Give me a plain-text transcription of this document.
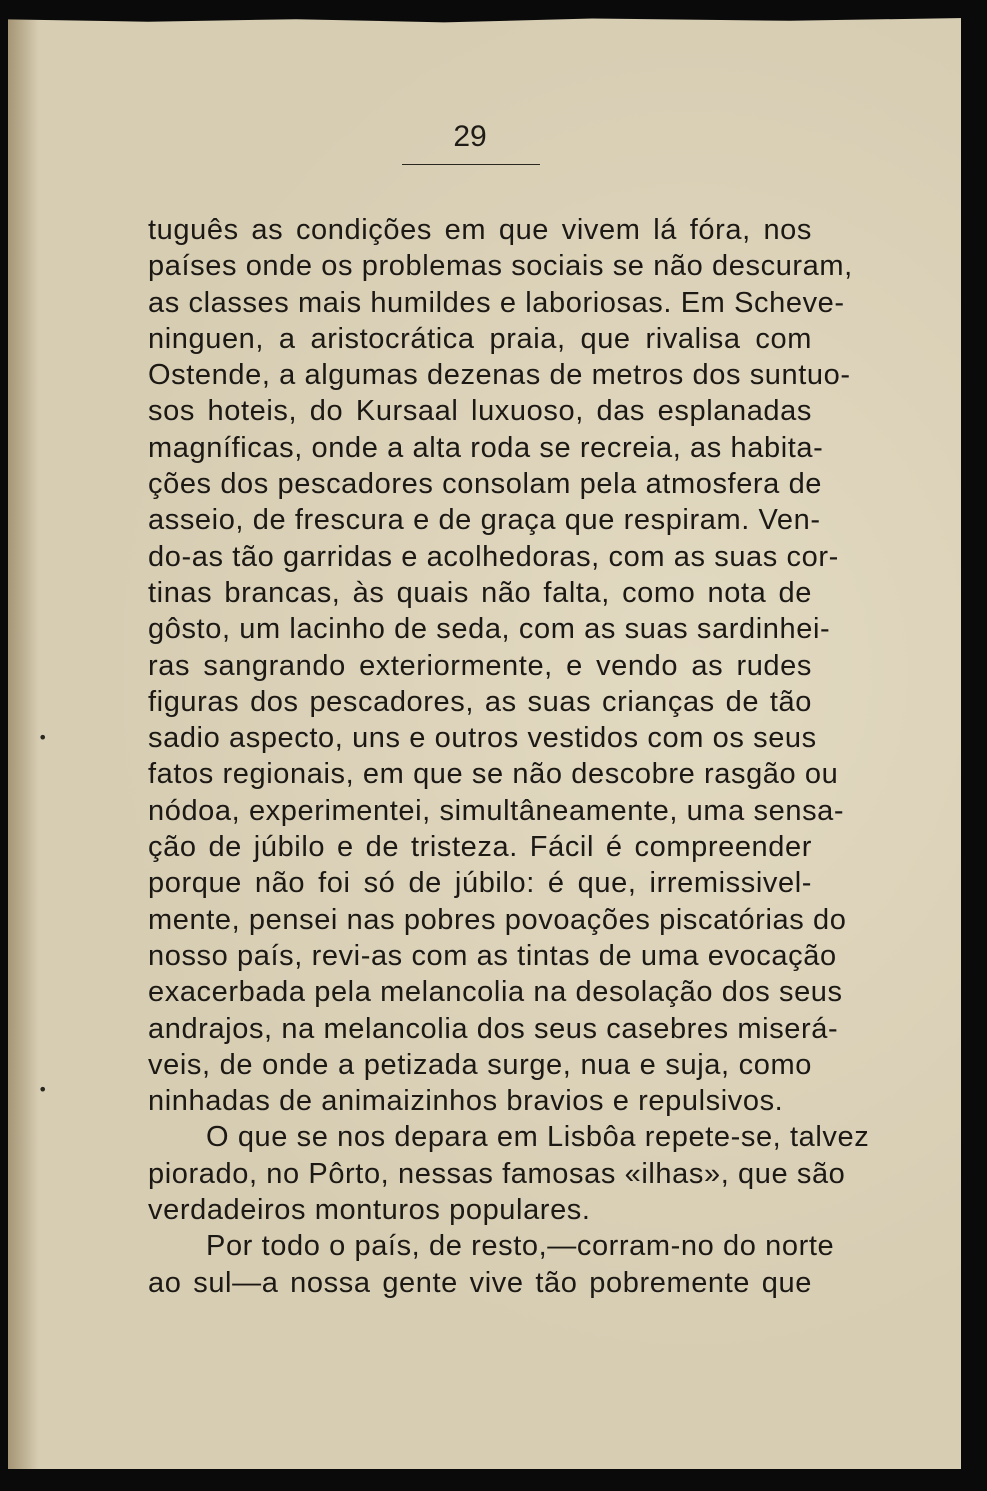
29
•
•
tuguês as condições em que vivem lá fóra, nos
países onde os problemas sociais se não descuram,
as classes mais humildes e laboriosas. Em Scheve-
ninguen, a aristocrática praia, que rivalisa com
Ostende, a algumas dezenas de metros dos suntuo-
sos hoteis, do Kursaal luxuoso, das esplanadas
magníficas, onde a alta roda se recreia, as habita-
ções dos pescadores consolam pela atmosfera de
asseio, de frescura e de graça que respiram. Ven-
do-as tão garridas e acolhedoras, com as suas cor-
tinas brancas, às quais não falta, como nota de
gôsto, um lacinho de seda, com as suas sardinhei-
ras sangrando exteriormente, e vendo as rudes
figuras dos pescadores, as suas crianças de tão
sadio aspecto, uns e outros vestidos com os seus
fatos regionais, em que se não descobre rasgão ou
nódoa, experimentei, simultâneamente, uma sensa-
ção de júbilo e de tristeza. Fácil é compreender
porque não foi só de júbilo: é que, irremissivel-
mente, pensei nas pobres povoações piscatórias do
nosso país, revi-as com as tintas de uma evocação
exacerbada pela melancolia na desolação dos seus
andrajos, na melancolia dos seus casebres miserá-
veis, de onde a petizada surge, nua e suja, como
ninhadas de animaizinhos bravios e repulsivos.
O que se nos depara em Lisbôa repete-se, talvez
piorado, no Pôrto, nessas famosas «ilhas», que são
verdadeiros monturos populares.
Por todo o país, de resto,—corram-no do norte
ao sul—a nossa gente vive tão pobremente que
